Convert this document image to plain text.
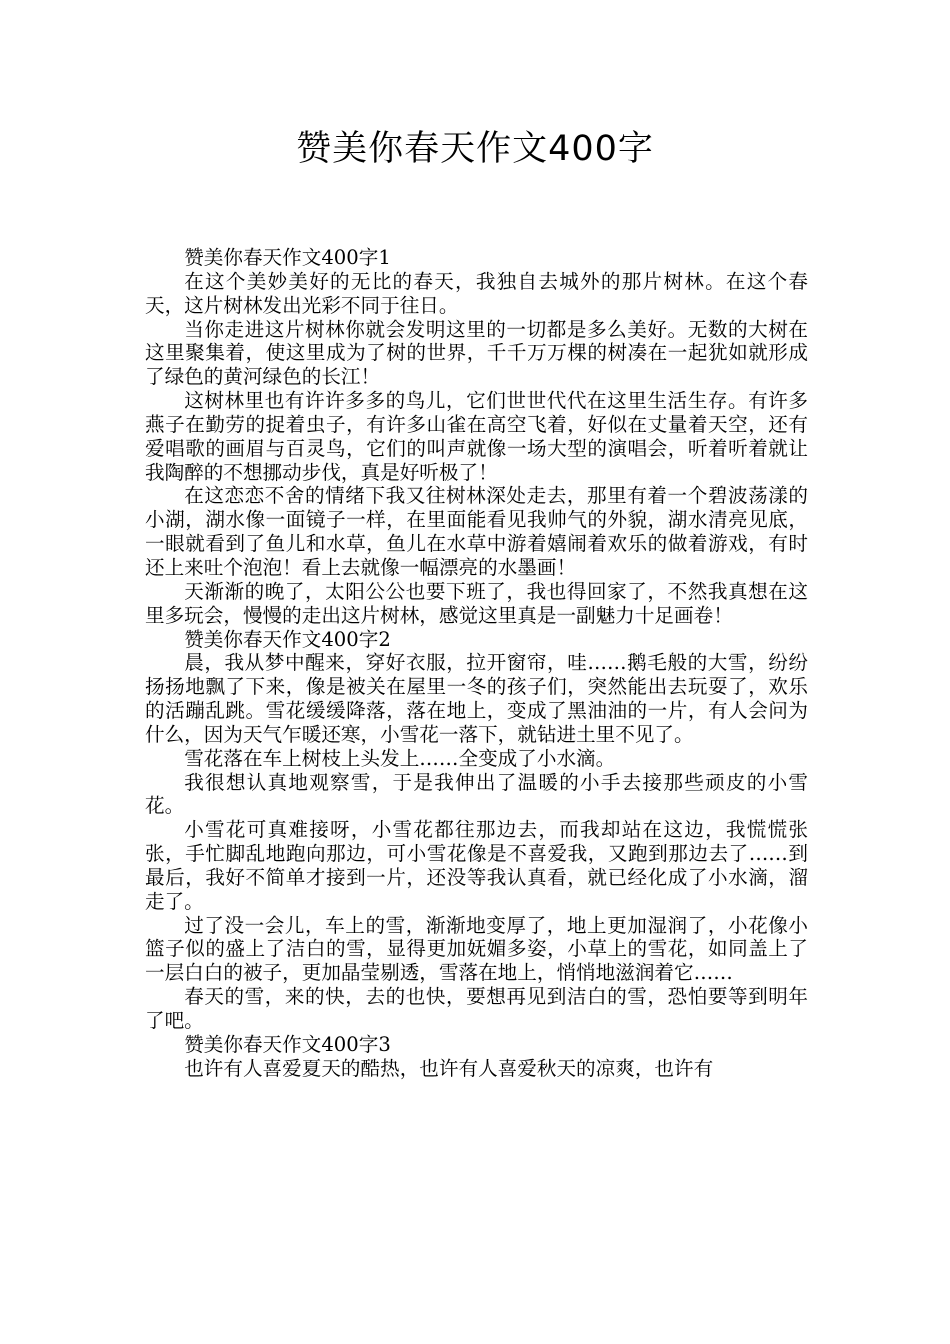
赞美你春天作文400字

赞美你春天作文400字1

在这个美妙美好的无比的春天，我独自去城外的那片树林。在这个春天，这片树林发出光彩不同于往日。

当你走进这片树林你就会发明这里的一切都是多么美好。无数的大树在这里聚集着，使这里成为了树的世界，千千万万棵的树凑在一起犹如就形成了绿色的黄河绿色的长江！

这树林里也有许许多多的鸟儿，它们世世代代在这里生活生存。有许多燕子在勤劳的捉着虫子，有许多山雀在高空飞着，好似在丈量着天空，还有爱唱歌的画眉与百灵鸟，它们的叫声就像一场大型的演唱会，听着听着就让我陶醉的不想挪动步伐，真是好听极了！

在这恋恋不舍的情绪下我又往树林深处走去，那里有着一个碧波荡漾的小湖，湖水像一面镜子一样，在里面能看见我帅气的外貌，湖水清亮见底，一眼就看到了鱼儿和水草，鱼儿在水草中游着嬉闹着欢乐的做着游戏，有时还上来吐个泡泡！看上去就像一幅漂亮的水墨画！

天渐渐的晚了，太阳公公也要下班了，我也得回家了，不然我真想在这里多玩会，慢慢的走出这片树林，感觉这里真是一副魅力十足画卷！

赞美你春天作文400字2

晨，我从梦中醒来，穿好衣服，拉开窗帘，哇……鹅毛般的大雪，纷纷扬扬地飘了下来，像是被关在屋里一冬的孩子们，突然能出去玩耍了，欢乐的活蹦乱跳。雪花缓缓降落，落在地上，变成了黑油油的一片，有人会问为什么，因为天气乍暖还寒，小雪花一落下，就钻进土里不见了。

雪花落在车上树枝上头发上……全变成了小水滴。

我很想认真地观察雪，于是我伸出了温暖的小手去接那些顽皮的小雪花。

小雪花可真难接呀，小雪花都往那边去，而我却站在这边，我慌慌张张，手忙脚乱地跑向那边，可小雪花像是不喜爱我，又跑到那边去了……到最后，我好不简单才接到一片，还没等我认真看，就已经化成了小水滴，溜走了。

过了没一会儿，车上的雪，渐渐地变厚了，地上更加湿润了，小花像小篮子似的盛上了洁白的雪，显得更加妩媚多姿，小草上的雪花，如同盖上了一层白白的被子，更加晶莹剔透，雪落在地上，悄悄地滋润着它……

春天的雪，来的快，去的也快，要想再见到洁白的雪，恐怕要等到明年了吧。

赞美你春天作文400字3

也许有人喜爱夏天的酷热，也许有人喜爱秋天的凉爽，也许有
